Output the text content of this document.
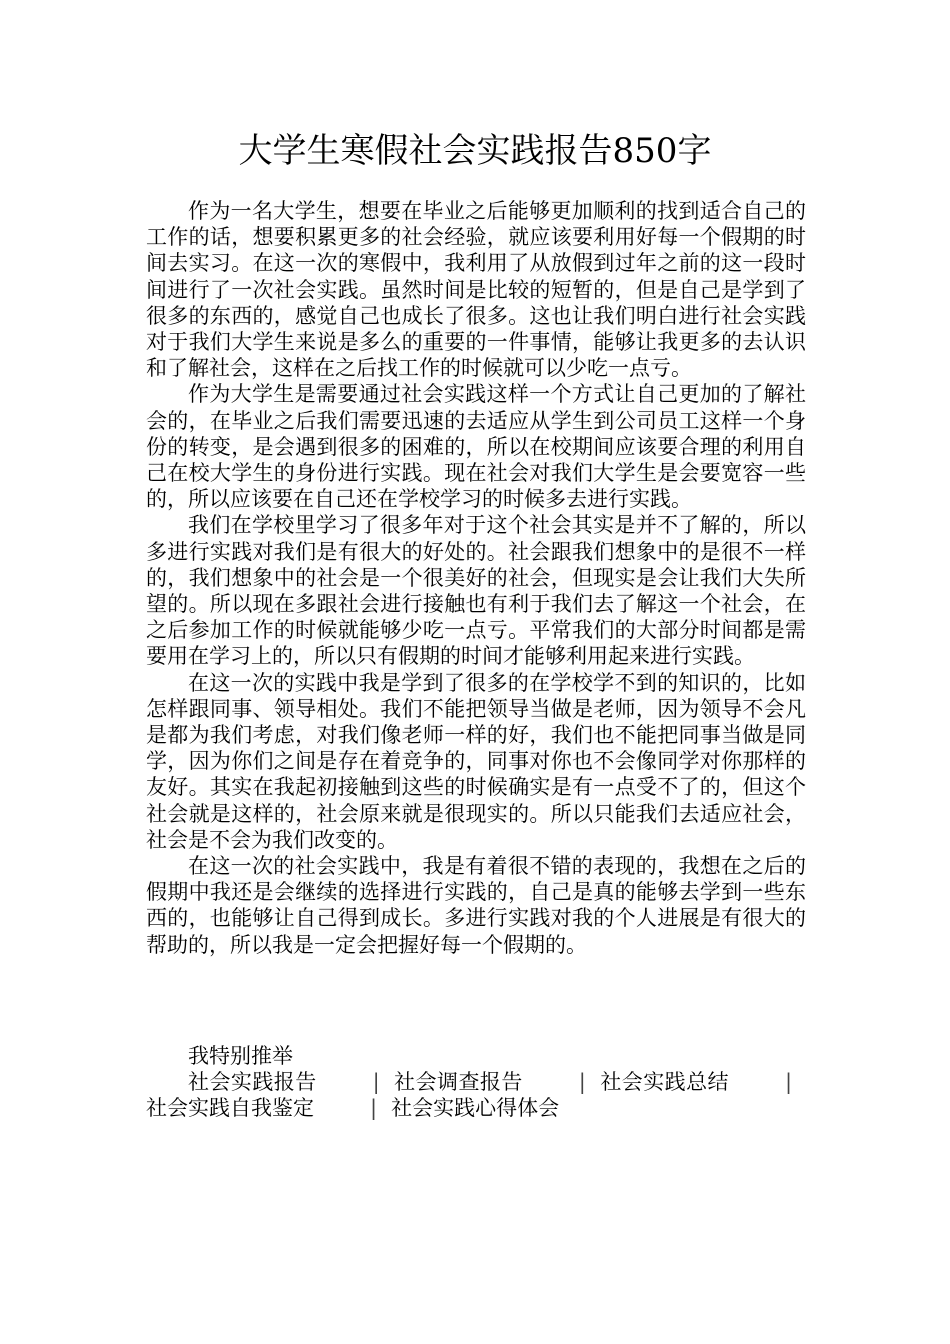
大学生寒假社会实践报告850字

作为一名大学生，想要在毕业之后能够更加顺利的找到适合自己的工作的话，想要积累更多的社会经验，就应该要利用好每一个假期的时间去实习。在这一次的寒假中，我利用了从放假到过年之前的这一段时间进行了一次社会实践。虽然时间是比较的短暂的，但是自己是学到了很多的东西的，感觉自己也成长了很多。这也让我们明白进行社会实践对于我们大学生来说是多么的重要的一件事情，能够让我更多的去认识和了解社会，这样在之后找工作的时候就可以少吃一点亏。

作为大学生是需要通过社会实践这样一个方式让自己更加的了解社会的，在毕业之后我们需要迅速的去适应从学生到公司员工这样一个身份的转变，是会遇到很多的困难的，所以在校期间应该要合理的利用自己在校大学生的身份进行实践。现在社会对我们大学生是会要宽容一些的，所以应该要在自己还在学校学习的时候多去进行实践。

我们在学校里学习了很多年对于这个社会其实是并不了解的，所以多进行实践对我们是有很大的好处的。社会跟我们想象中的是很不一样的，我们想象中的社会是一个很美好的社会，但现实是会让我们大失所望的。所以现在多跟社会进行接触也有利于我们去了解这一个社会，在之后参加工作的时候就能够少吃一点亏。平常我们的大部分时间都是需要用在学习上的，所以只有假期的时间才能够利用起来进行实践。

在这一次的实践中我是学到了很多的在学校学不到的知识的，比如怎样跟同事、领导相处。我们不能把领导当做是老师，因为领导不会凡是都为我们考虑，对我们像老师一样的好，我们也不能把同事当做是同学，因为你们之间是存在着竞争的，同事对你也不会像同学对你那样的友好。其实在我起初接触到这些的时候确实是有一点受不了的，但这个社会就是这样的，社会原来就是很现实的。所以只能我们去适应社会，社会是不会为我们改变的。

在这一次的社会实践中，我是有着很不错的表现的，我想在之后的假期中我还是会继续的选择进行实践的，自己是真的能够去学到一些东西的，也能够让自己得到成长。多进行实践对我的个人进展是有很大的帮助的，所以我是一定会把握好每一个假期的。

我特别推举

社会实践报告	| 社会调查报告	| 社会实践总结	|社会实践自我鉴定	| 社会实践心得体会
